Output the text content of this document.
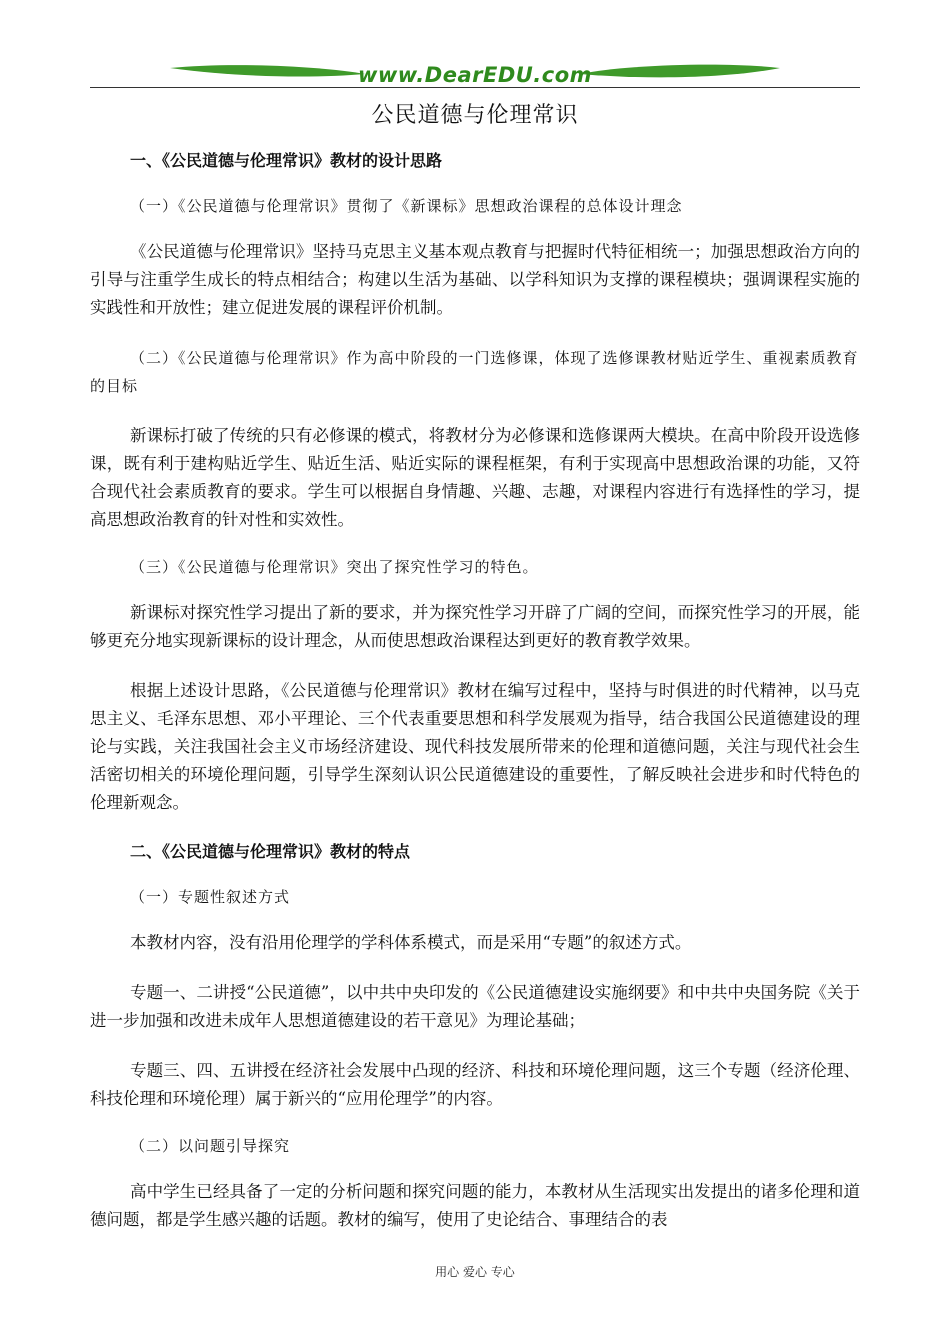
www.DearEDU.com
公民道德与伦理常识
一、《公民道德与伦理常识》教材的设计思路
（一）《公民道德与伦理常识》贯彻了《新课标》思想政治课程的总体设计理念

《公民道德与伦理常识》坚持马克思主义基本观点教育与把握时代特征相统一；加强思想政治方向的引导与注重学生成长的特点相结合；构建以生活为基础、以学科知识为支撑的课程模块；强调课程实施的实践性和开放性；建立促进发展的课程评价机制。

（二）《公民道德与伦理常识》作为高中阶段的一门选修课，体现了选修课教材贴近学生、重视素质教育的目标

新课标打破了传统的只有必修课的模式，将教材分为必修课和选修课两大模块。在高中阶段开设选修课，既有利于建构贴近学生、贴近生活、贴近实际的课程框架，有利于实现高中思想政治课的功能，又符合现代社会素质教育的要求。学生可以根据自身情趣、兴趣、志趣，对课程内容进行有选择性的学习，提高思想政治教育的针对性和实效性。

（三）《公民道德与伦理常识》突出了探究性学习的特色。

新课标对探究性学习提出了新的要求，并为探究性学习开辟了广阔的空间，而探究性学习的开展，能够更充分地实现新课标的设计理念，从而使思想政治课程达到更好的教育教学效果。

根据上述设计思路，《公民道德与伦理常识》教材在编写过程中，坚持与时俱进的时代精神，以马克思主义、毛泽东思想、邓小平理论、三个代表重要思想和科学发展观为指导，结合我国公民道德建设的理论与实践，关注我国社会主义市场经济建设、现代科技发展所带来的伦理和道德问题，关注与现代社会生活密切相关的环境伦理问题，引导学生深刻认识公民道德建设的重要性，了解反映社会进步和时代特色的伦理新观念。

二、《公民道德与伦理常识》教材的特点
（一）专题性叙述方式

本教材内容，没有沿用伦理学的学科体系模式，而是采用“专题”的叙述方式。

专题一、二讲授“公民道德”，以中共中央印发的《公民道德建设实施纲要》和中共中央国务院《关于进一步加强和改进未成年人思想道德建设的若干意见》为理论基础；

专题三、四、五讲授在经济社会发展中凸现的经济、科技和环境伦理问题，这三个专题（经济伦理、科技伦理和环境伦理）属于新兴的“应用伦理学”的内容。

（二）以问题引导探究

高中学生已经具备了一定的分析问题和探究问题的能力，本教材从生活现实出发提出的诸多伦理和道德问题，都是学生感兴趣的话题。教材的编写，使用了史论结合、事理结合的表

用心 爱心 专心
